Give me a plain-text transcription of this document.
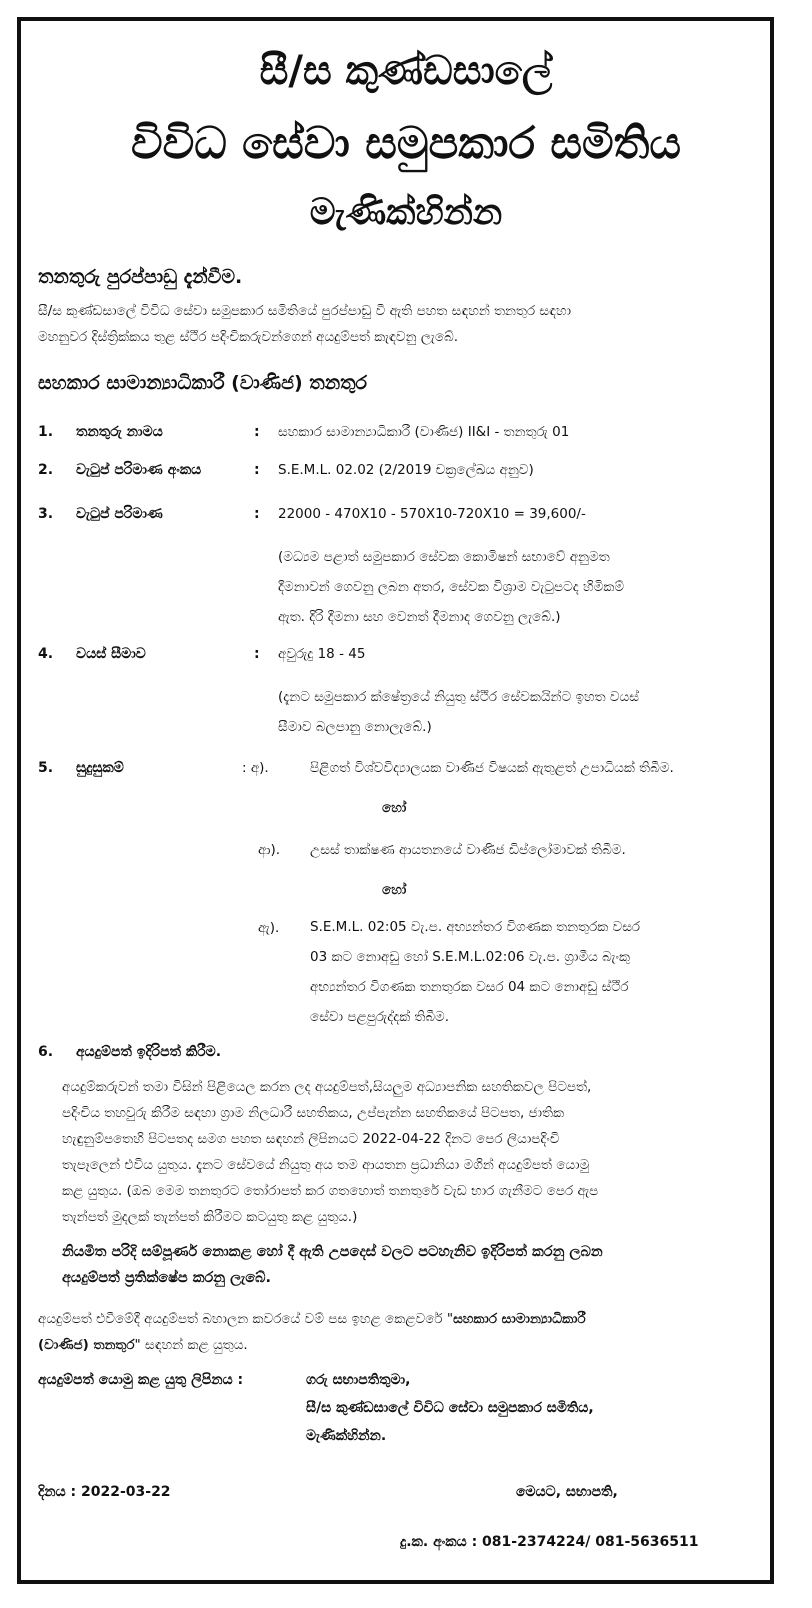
සී/ස කුණ්ඩසාලේ
විවිධ සේවා සමුපකාර සමිතිය
මැණික්හින්න
තනතුරු පුරප්පාඩු දැන්වීම.
සී/ස කුණ්ඩසාලේ විවිධ සේවා සමුපකාර සමිතියේ පුරප්පාඩු වී ඇති පහත සඳහන් තනතුර සඳහා
මහනුවර දිස්ත්‍රික්කය තුළ ස්ථිර පදිංචිකරුවන්ගෙන් අයදුම්පත් කැඳවනු ලැබේ.
සහකාර සාමාන්‍යාධිකාරී (වාණිජ) තනතුර
1. තනතුරු නාමය	: සහකාර සාමාන්‍යාධිකාරී (වාණිජ) II&I - තනතුරු 01
2. වැටුප් පරිමාණ අංකය	: S.E.M.L. 02.02 (2/2019 චක්‍රලේඛය අනුව)
3. වැටුප් පරිමාණ	: 22000 - 470X10 - 570X10-720X10 = 39,600/-
(මධ්‍යම පළාත් සමුපකාර සේවක කොමිෂන් සභාවේ අනුමත
දීමනාවන් ගෙවනු ලබන අතර, සේවක විශ්‍රාම වැටුපටද හිමිකම්
ඇත. දිරි දීමනා සහ වෙනත් දීමනාද ගෙවනු ලැබේ.)
4. වයස් සීමාව	: අවුරුදු 18 - 45
(දැනට සමුපකාර ක්ෂේත්‍රයේ නියුතු ස්ථිර සේවකයින්ට ඉහත වයස්
සීමාව බලපානු නොලැබේ.)
5. සුදුසුකම්	: අ).	පිළිගත් විශ්වවිද්‍යාලයක වාණිජ විෂයක් ඇතුළත් උපාධියක් තිබීම.
හෝ
ආ). උසස් තාක්ෂණ ආයතනයේ වාණිජ ඩිප්ලෝමාවක් තිබීම.
හෝ
ඇ). S.E.M.L. 02:05 වැ.ප. අභ්‍යන්තර විගණක තනතුරක වසර
03 කට නොඅඩු හෝ S.E.M.L.02:06 වැ.ප. ග්‍රාමීය බැංකු
අභ්‍යන්තර විගණක තනතුරක වසර 04 කට නොඅඩු ස්ථිර
සේවා පළපුරුද්දක් තිබීම.
6. අයදුම්පත් ඉදිරිපත් කිරීම.
අයදුම්කරුවන් තමා විසින් පිළියෙල කරන ලද අයදුම්පත්,සියලුම අධ්‍යාපනික සහතිකවල පිටපත්,
පදිංචිය තහවුරු කිරීම සඳහා ග්‍රාම නිලධාරී සහතිකය, උප්පැන්න සහතිකයේ පිටපත, ජාතික
හැඳුනුම්පතෙහි පිටපතද සමග පහත සඳහන් ලිපිනයට 2022-04-22 දිනට පෙර ලියාපදිංචි
තැපෑලෙන් එවිය යුතුය. දැනට සේවයේ නියුතු අය තම ආයතන ප්‍රධානියා මගින් අයදුම්පත් යොමු
කළ යුතුය. (ඔබ මෙම තනතුරට තෝරාපත් කර ගතහොත් තනතුරේ වැඩ භාර ගැනීමට පෙර ඇප
තැන්පත් මුදලක් තැන්පත් කිරීමට කටයුතු කළ යුතුය.)
නියමිත පරිදි සම්පූර්ණ නොකළ හෝ දී ඇති උපදෙස් වලට පටහැනිව ඉදිරිපත් කරනු ලබන
අයදුම්පත් ප්‍රතික්ෂේප කරනු ලැබේ.
අයදුම්පත් එවීමේදී අයදුම්පත් බහාලන කවරයේ වම් පස ඉහළ කෙළවරේ "සහකාර සාමාන්‍යාධිකාරී
(වාණිජ) තනතුර" සඳහන් කළ යුතුය.
අයදුම්පත් යොමු කළ යුතු ලිපිනය :	ගරු සභාපතිතුමා,
සී/ස කුණ්ඩසාලේ විවිධ සේවා සමුපකාර සමිතිය,
මැණික්හින්න.
දිනය : 2022-03-22	මෙයට, සභාපති,
දු.ක. අංකය : 081-2374224/ 081-5636511
